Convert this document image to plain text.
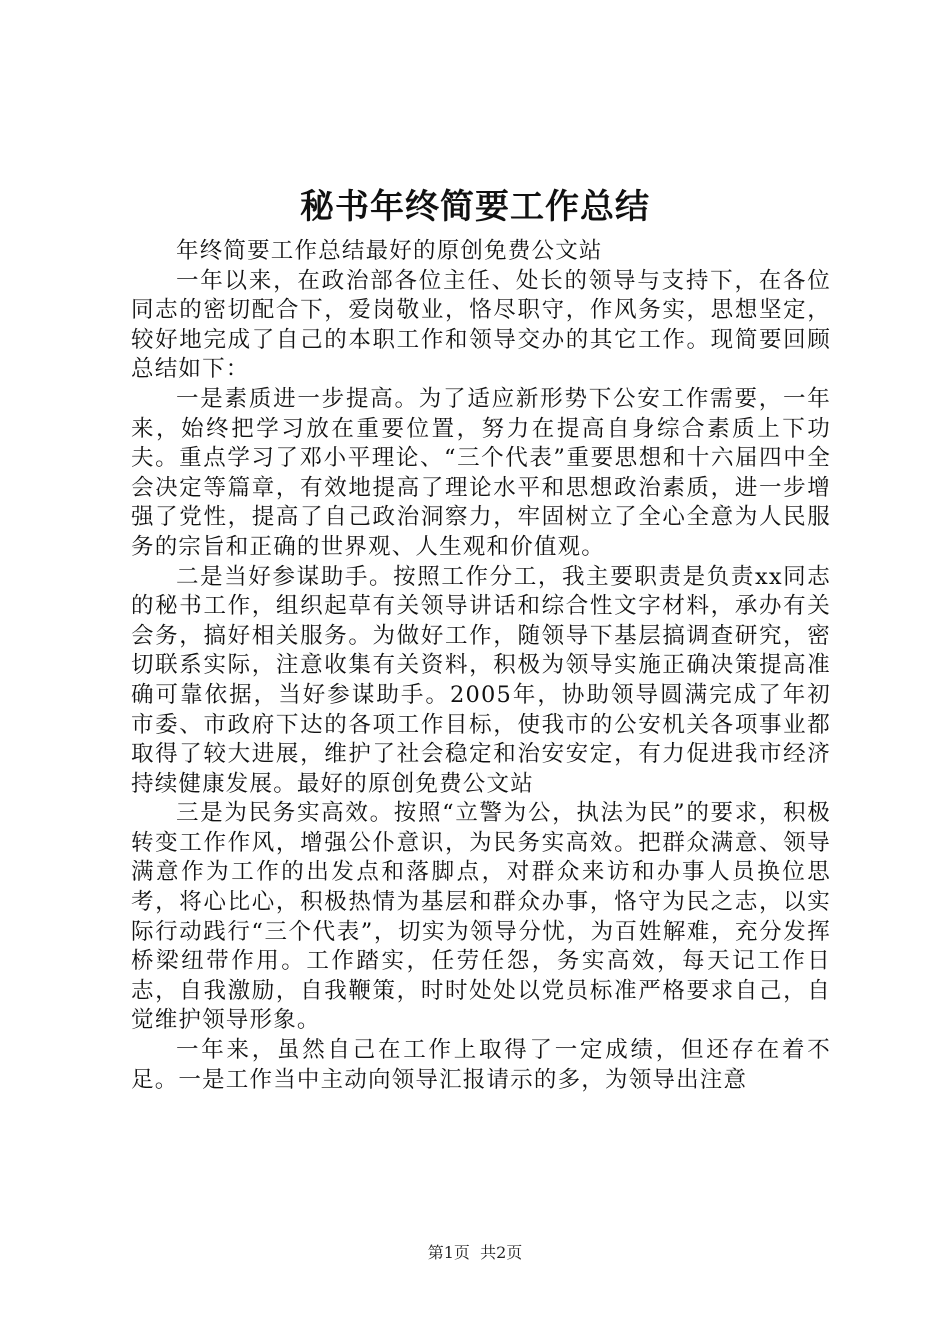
秘书年终简要工作总结

年终简要工作总结最好的原创免费公文站

一年以来，在政治部各位主任、处长的领导与支持下，在各位同志的密切配合下，爱岗敬业，恪尽职守，作风务实，思想坚定，较好地完成了自己的本职工作和领导交办的其它工作。现简要回顾总结如下：

一是素质进一步提高。为了适应新形势下公安工作需要，一年来，始终把学习放在重要位置，努力在提高自身综合素质上下功夫。重点学习了邓小平理论、“三个代表”重要思想和十六届四中全会决定等篇章，有效地提高了理论水平和思想政治素质，进一步增强了党性，提高了自己政治洞察力，牢固树立了全心全意为人民服务的宗旨和正确的世界观、人生观和价值观。

二是当好参谋助手。按照工作分工，我主要职责是负责xx同志的秘书工作，组织起草有关领导讲话和综合性文字材料，承办有关会务，搞好相关服务。为做好工作，随领导下基层搞调查研究，密切联系实际，注意收集有关资料，积极为领导实施正确决策提高准确可靠依据，当好参谋助手。2005年，协助领导圆满完成了年初市委、市政府下达的各项工作目标，使我市的公安机关各项事业都取得了较大进展，维护了社会稳定和治安安定，有力促进我市经济持续健康发展。最好的原创免费公文站

三是为民务实高效。按照“立警为公，执法为民”的要求，积极转变工作作风，增强公仆意识，为民务实高效。把群众满意、领导满意作为工作的出发点和落脚点，对群众来访和办事人员换位思考，将心比心，积极热情为基层和群众办事，恪守为民之志，以实际行动践行“三个代表”，切实为领导分忧，为百姓解难，充分发挥桥梁纽带作用。工作踏实，任劳任怨，务实高效，每天记工作日志，自我激励，自我鞭策，时时处处以党员标准严格要求自己，自觉维护领导形象。

一年来，虽然自己在工作上取得了一定成绩，但还存在着不足。一是工作当中主动向领导汇报请示的多，为领导出注意

第1页 共2页
